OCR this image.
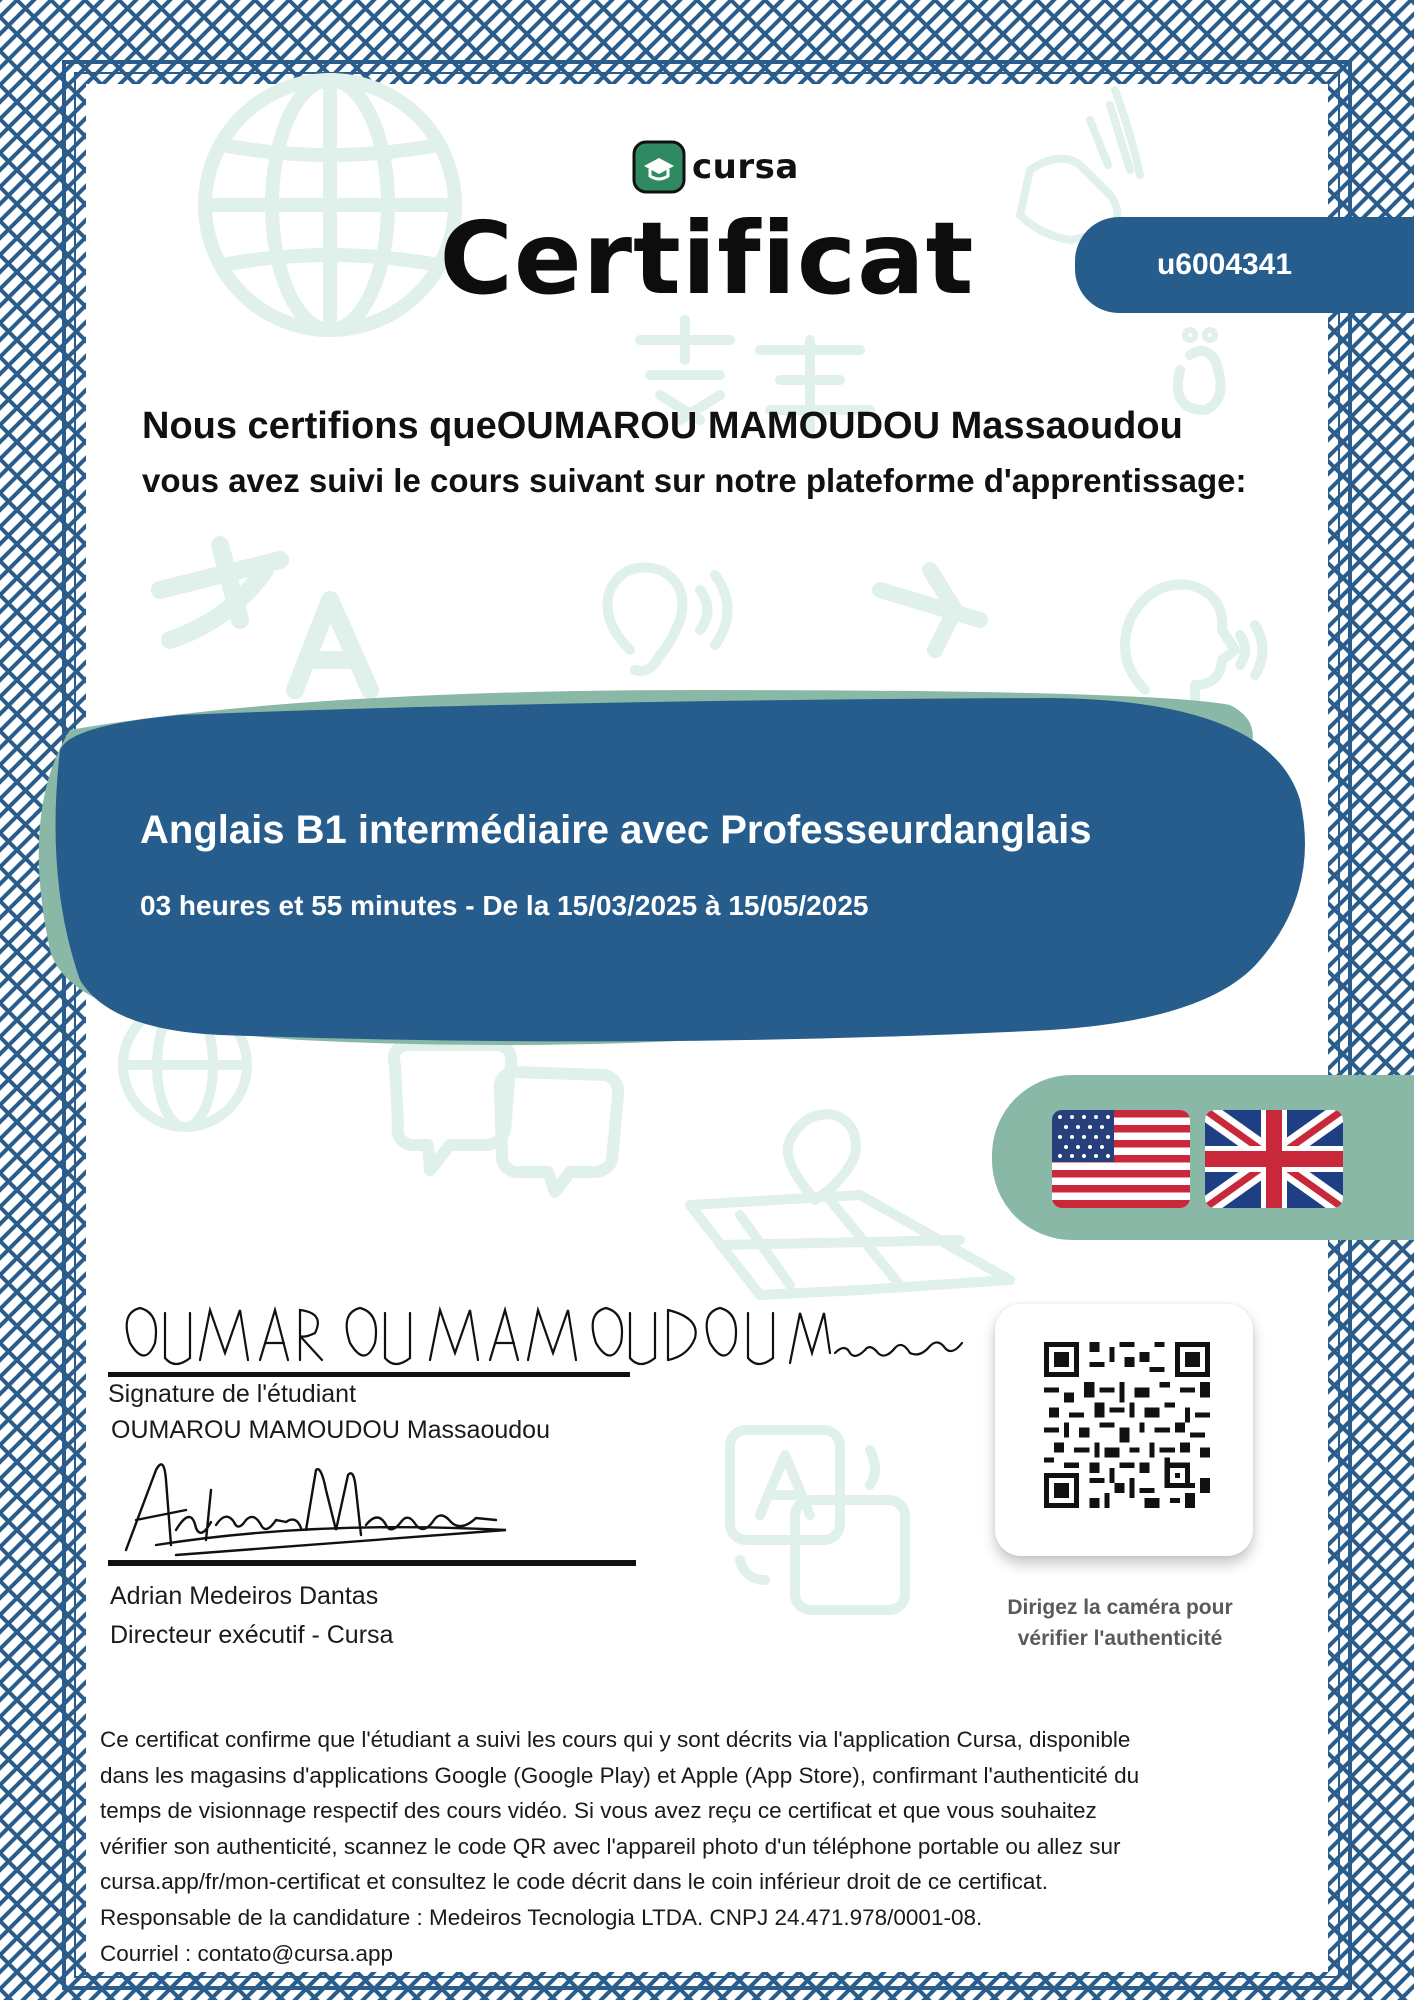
cursa
Certificat	u6004341
Nous certifions queOUMAROU MAMOUDOU Massaoudou
vous avez suivi le cours suivant sur notre plateforme d'apprentissage:
Anglais B1 intermédiaire avec Professeurdanglais
03 heures et 55 minutes - De la 15/03/2025 à 15/05/2025
Signature de l'étudiant
OUMAROU MAMOUDOU Massaoudou
Adrian Medeiros Dantas
Directeur exécutif - Cursa
Dirigez la caméra pour
vérifier l'authenticité
Ce certificat confirme que l'étudiant a suivi les cours qui y sont décrits via l'application Cursa, disponible
dans les magasins d'applications Google (Google Play) et Apple (App Store), confirmant l'authenticité du
temps de visionnage respectif des cours vidéo. Si vous avez reçu ce certificat et que vous souhaitez
vérifier son authenticité, scannez le code QR avec l'appareil photo d'un téléphone portable ou allez sur
cursa.app/fr/mon-certificat et consultez le code décrit dans le coin inférieur droit de ce certificat.
Responsable de la candidature : Medeiros Tecnologia LTDA. CNPJ 24.471.978/0001-08.
Courriel : contato@cursa.app
